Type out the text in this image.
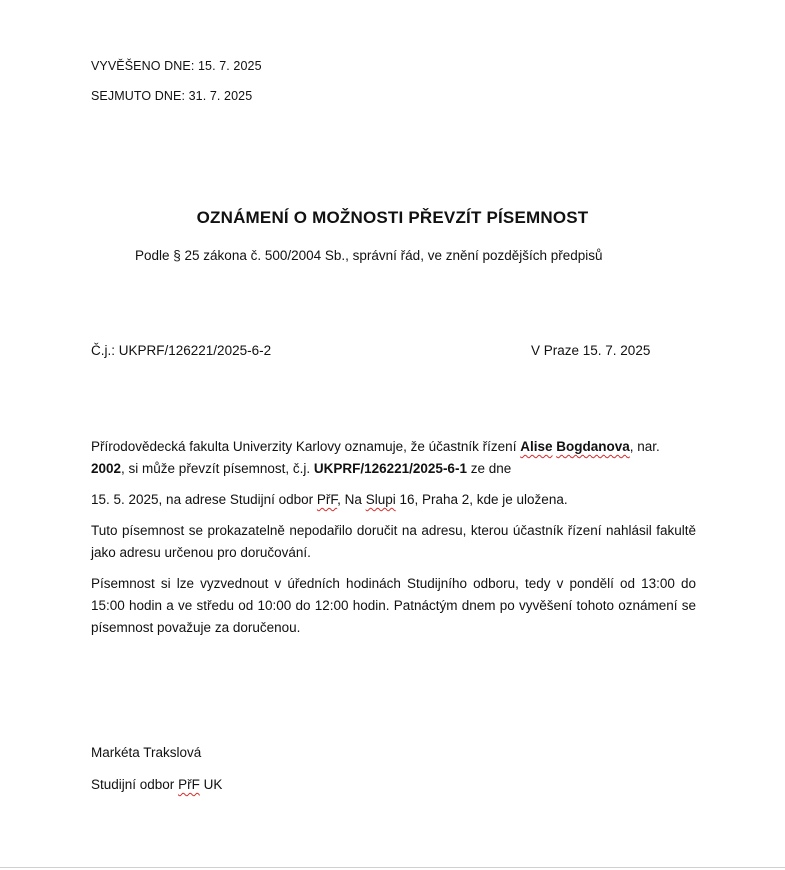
VYVĚŠENO DNE: 15. 7. 2025
SEJMUTO DNE: 31. 7. 2025
OZNÁMENÍ O MOŽNOSTI PŘEVZÍT PÍSEMNOST
Podle § 25 zákona č. 500/2004 Sb., správní řád, ve znění pozdějších předpisů
Č.j.: UKPRF/126221/2025-6-2	V Praze 15. 7. 2025
Přírodovědecká fakulta Univerzity Karlovy oznamuje, že účastník řízení Alise Bogdanova, nar. 2002, si může převzít písemnost, č.j. UKPRF/126221/2025-6-1 ze dne
15. 5. 2025, na adrese Studijní odbor PřF, Na Slupi 16, Praha 2, kde je uložena.
Tuto písemnost se prokazatelně nepodařilo doručit na adresu, kterou účastník řízení nahlásil fakultě jako adresu určenou pro doručování.
Písemnost si lze vyzvednout v úředních hodinách Studijního odboru, tedy v pondělí od 13:00 do 15:00 hodin a ve středu od 10:00 do 12:00 hodin. Patnáctým dnem po vyvěšení tohoto oznámení se písemnost považuje za doručenou.
Markéta Trakslová
Studijní odbor PřF UK
